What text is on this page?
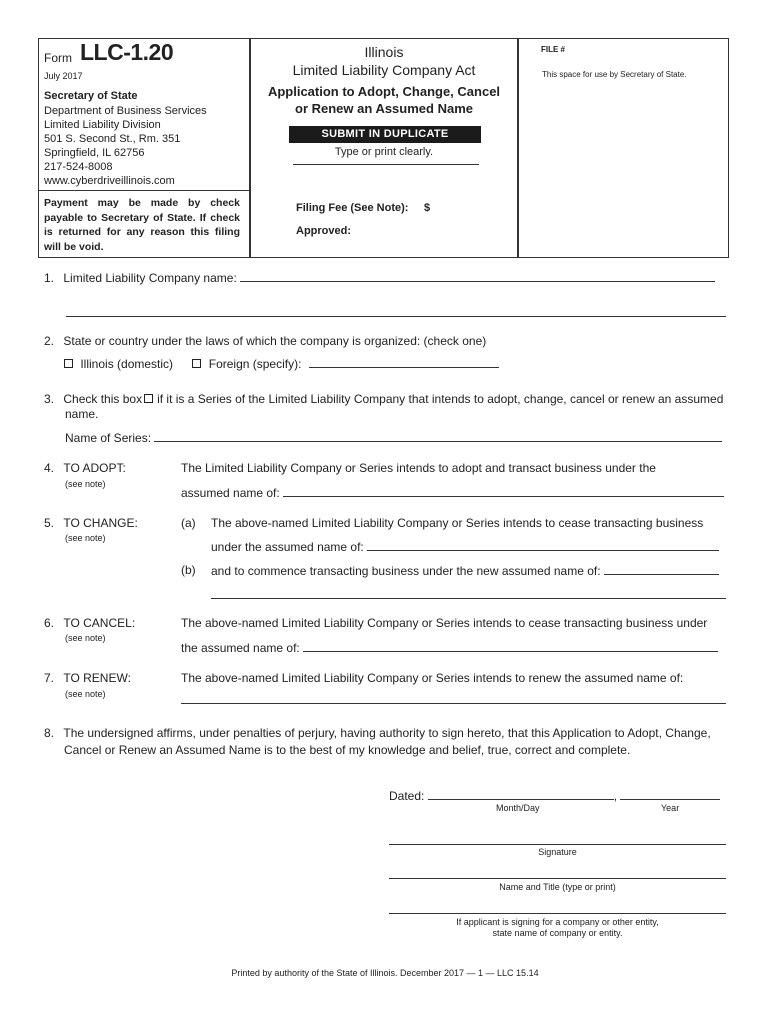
Form LLC-1.20
July 2017
Secretary of State
Department of Business Services
Limited Liability Division
501 S. Second St., Rm. 351
Springfield, IL 62756
217-524-8008
www.cyberdriveillinois.com
Payment may be made by check payable to Secretary of State. If check is returned for any reason this filing will be void.
Illinois
Limited Liability Company Act
Application to Adopt, Change, Cancel
or Renew an Assumed Name
SUBMIT IN DUPLICATE
Type or print clearly.
Filing Fee (See Note): $
Approved:
FILE #
This space for use by Secretary of State.
1. Limited Liability Company name:
2. State or country under the laws of which the company is organized: (check one)
Illinois (domestic)	Foreign (specify):
3. Check this box if it is a Series of the Limited Liability Company that intends to adopt, change, cancel or renew an assumed
name.
Name of Series:
4. TO ADOPT:
(see note)
The Limited Liability Company or Series intends to adopt and transact business under the
assumed name of:
5. TO CHANGE:
(see note)
(a) The above-named Limited Liability Company or Series intends to cease transacting business
under the assumed name of:
(b) and to commence transacting business under the new assumed name of:
6. TO CANCEL:
(see note)
The above-named Limited Liability Company or Series intends to cease transacting business under
the assumed name of:
7. TO RENEW:
(see note)
The above-named Limited Liability Company or Series intends to renew the assumed name of:
8. The undersigned affirms, under penalties of perjury, having authority to sign hereto, that this Application to Adopt, Change,
Cancel or Renew an Assumed Name is to the best of my knowledge and belief, true, correct and complete.
Dated:	,
Month/Day	Year
Signature
Name and Title (type or print)
If applicant is signing for a company or other entity,
state name of company or entity.
Printed by authority of the State of Illinois. December 2017 — 1 — LLC 15.14
